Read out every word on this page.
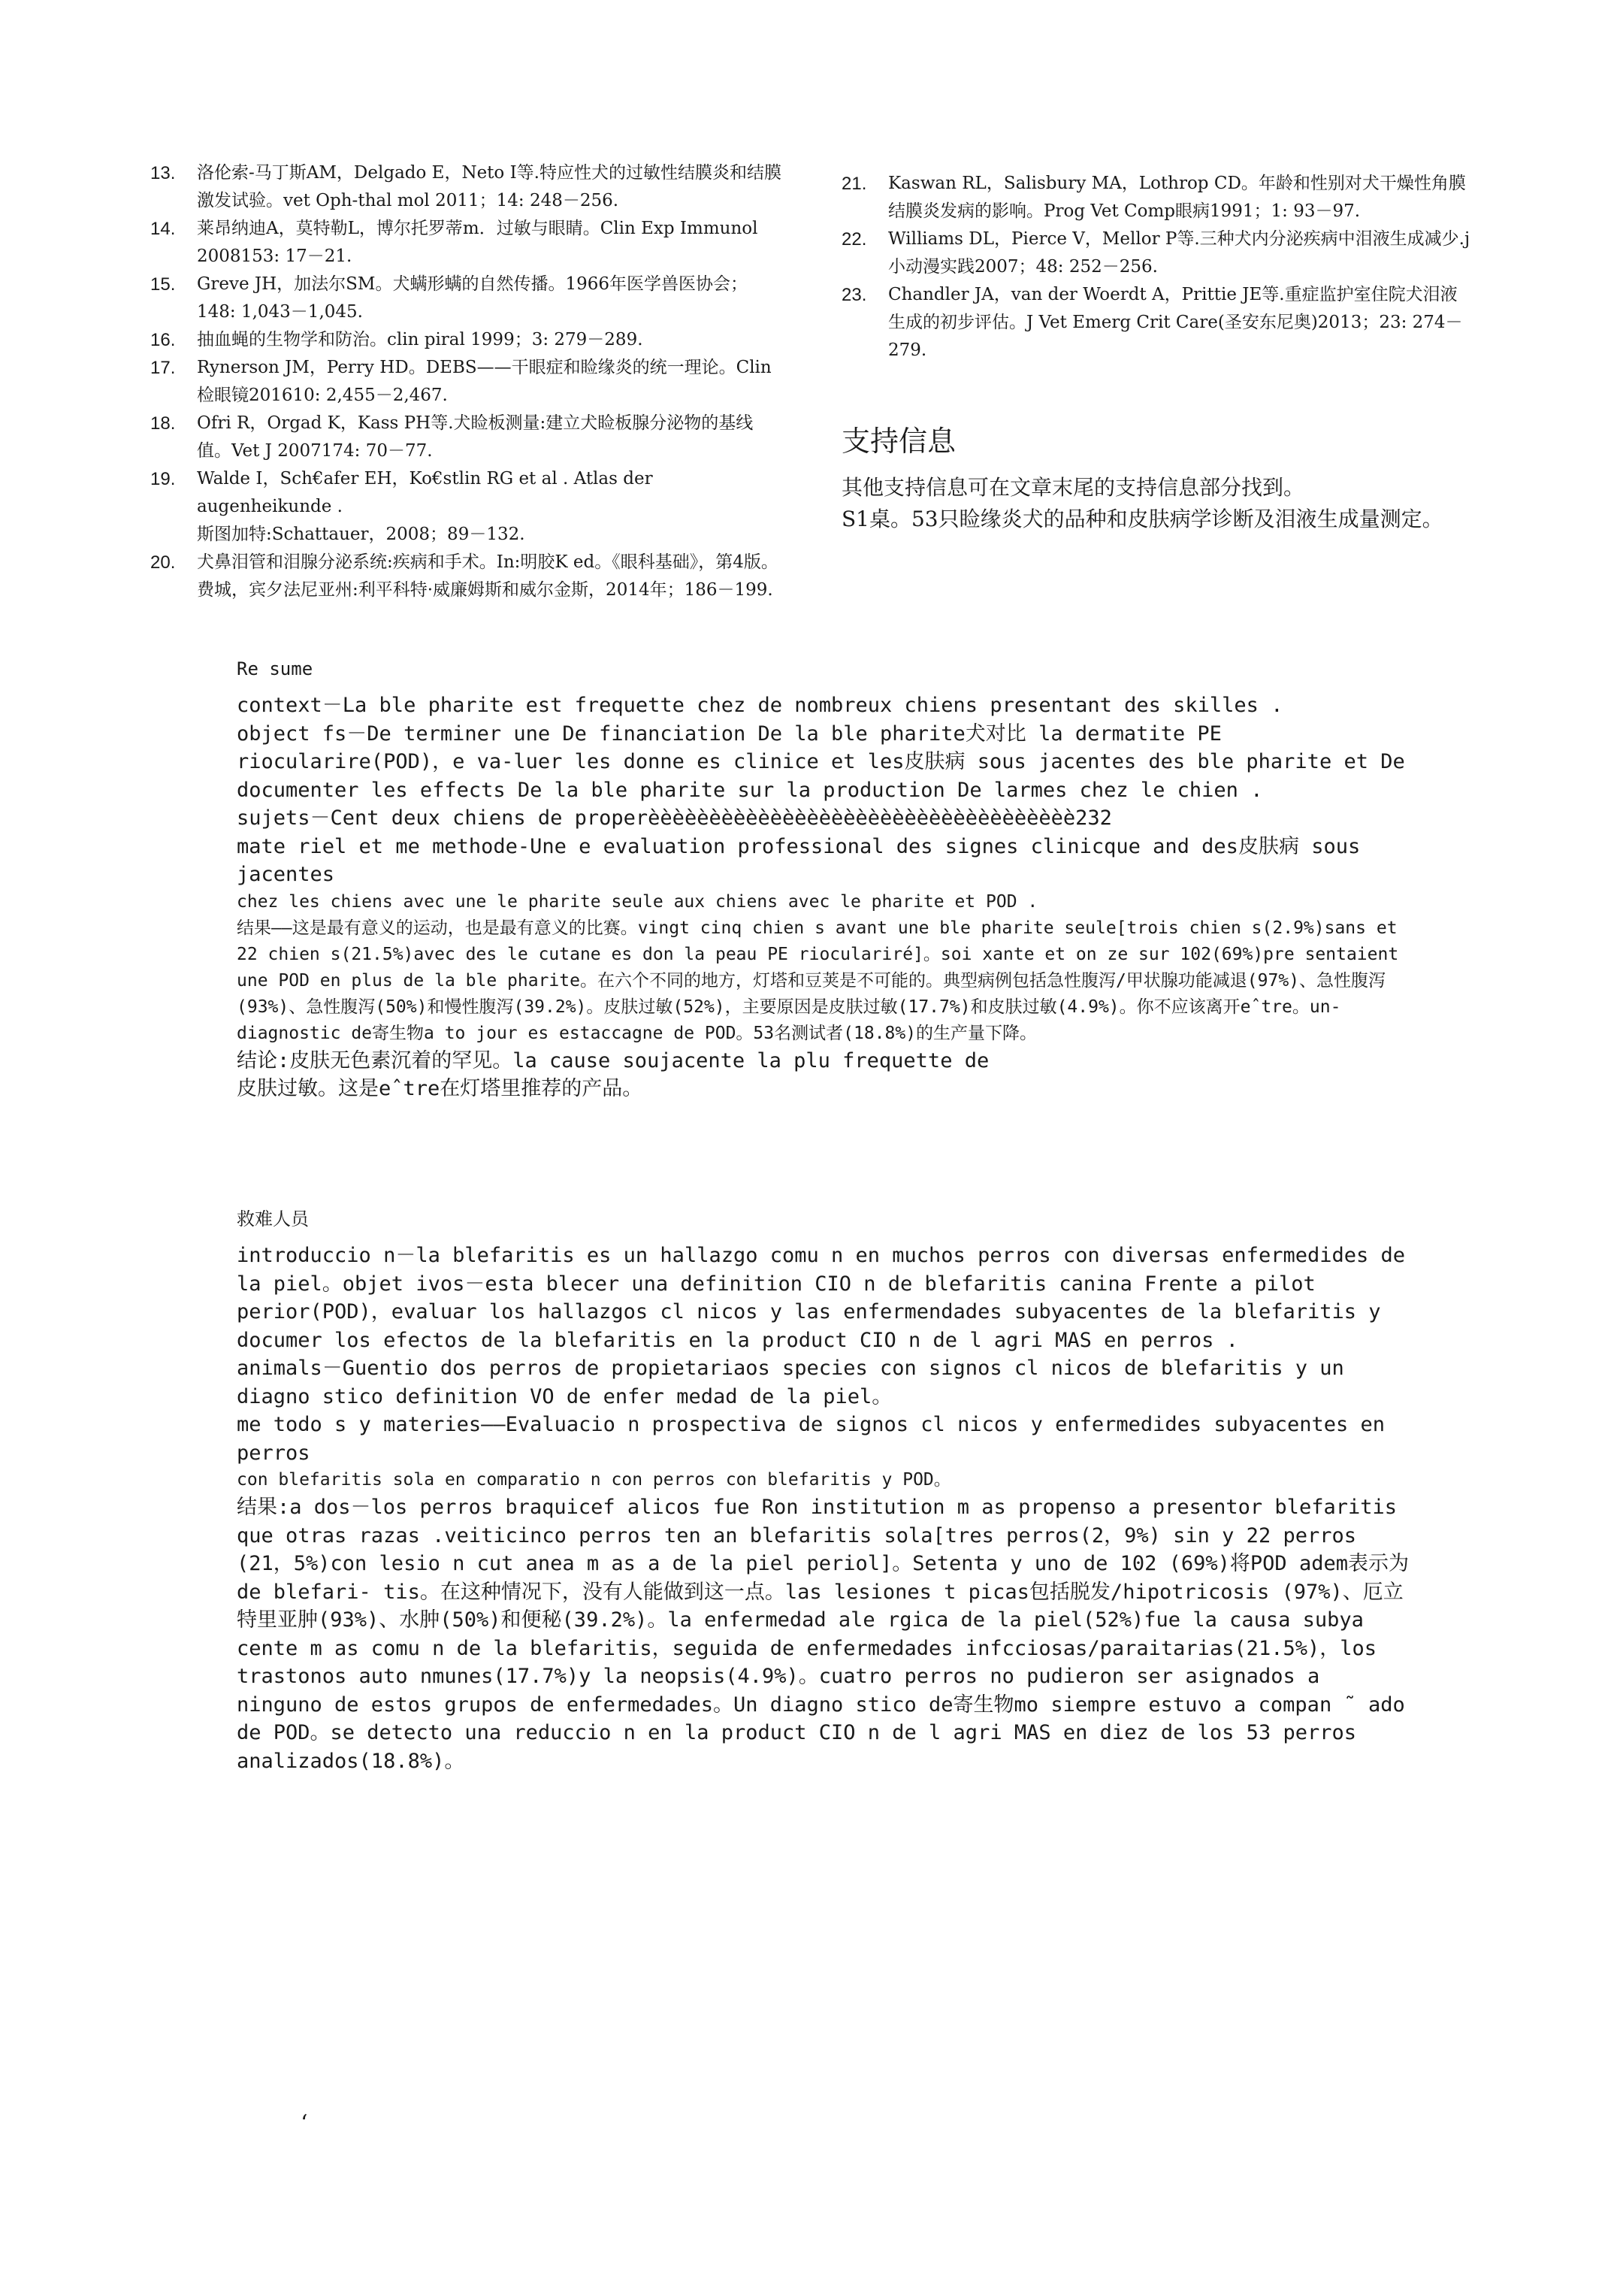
13. 洛伦索-马丁斯AM，Delgado E，Neto I等.特应性犬的过敏性结膜炎和结膜激发试验。vet Oph-thal mol 2011；14: 248－256.
14. 莱昂纳迪A，莫特勒L，博尔托罗蒂m．过敏与眼睛。Clin Exp Immunol 2008153: 17－21.
15. Greve JH，加法尔SM。犬螨形螨的自然传播。1966年医学兽医协会；148: 1,043－1,045.
16. 抽血蝇的生物学和防治。clin piral 1999；3: 279－289.
17. Rynerson JM，Perry HD。DEBS——干眼症和睑缘炎的统一理论。Clin检眼镜201610: 2,455－2,467.
18. Ofri R，Orgad K，Kass PH等.犬睑板测量:建立犬睑板腺分泌物的基线值。Vet J 2007174: 70－77.
19. Walde I，Sch€afer EH，Ko€stlin RG et al . Atlas der augenheikunde .
斯图加特:Schattauer，2008；89－132.
20. 犬鼻泪管和泪腺分泌系统:疾病和手术。In:明胶K ed。《眼科基础》，第4版。费城，宾夕法尼亚州:利平科特·威廉姆斯和威尔金斯，2014年；186－199.
21. Kaswan RL，Salisbury MA，Lothrop CD。年龄和性别对犬干燥性角膜结膜炎发病的影响。Prog Vet Comp眼病1991；1: 93－97.
22. Williams DL，Pierce V，Mellor P等.三种犬内分泌疾病中泪液生成减少.j小动漫实践2007；48: 252－256.
23. Chandler JA，van der Woerdt A，Prittie JE等.重症监护室住院犬泪液生成的初步评估。J Vet Emerg Crit Care(圣安东尼奥)2013；23: 274－279.
支持信息
其他支持信息可在文章末尾的支持信息部分找到。
S1桌。53只睑缘炎犬的品种和皮肤病学诊断及泪液生成量测定。
Re sume
context－La ble pharite est frequette chez de nombreux chiens presentant des skilles .
object fs－De terminer une De financiation De la ble pharite犬对比 la dermatite PE riocularire(POD)，e va-luer les donne es clinice et les皮肤病 sous jacentes des ble pharite et De documenter les effects De la ble pharite sur la production De larmes chez le chien .
sujets－Cent deux chiens de properèèèèèèèèèèèèèèèèèèèèèèèèèèèèèèèèèèè232
mate riel et me methode-Une e evaluation professional des signes clinicque and des皮肤病 sous jacentes
chez les chiens avec une le pharite seule aux chiens avec le pharite et POD .
结果——这是最有意义的运动，也是最有意义的比赛。vingt cinq chien s avant une ble pharite seule[trois chien s(2.9%)sans et 22 chien s(21.5%)avec des le cutane es don la peau PE rioculariré]。soi xante et on ze sur 102(69%)pre sentaient une POD en plus de la ble pharite。在六个不同的地方，灯塔和豆荚是不可能的。典型病例包括急性腹泻/甲状腺功能减退(97%)、急性腹泻(93%)、急性腹泻(50%)和慢性腹泻(39.2%)。皮肤过敏(52%)，主要原因是皮肤过敏(17.7%)和皮肤过敏(4.9%)。你不应该离开eˆtre。un-diagnostic de寄生物a to jour es estaccagne de POD。53名测试者(18.8%)的生产量下降。
结论:皮肤无色素沉着的罕见。la cause soujacente la plu frequette de
皮肤过敏。这是eˆtre在灯塔里推荐的产品。
救难人员
introduccio n－la blefaritis es un hallazgo comu n en muchos perros con diversas enfermedides de la piel。objet ivos－esta blecer una definition CIO n de blefaritis canina Frente a pilot perior(POD)，evaluar los hallazgos cl nicos y las enfermendades subyacentes de la blefaritis y documer los efectos de la blefaritis en la product CIO n de l agri MAS en perros .
animals－Guentio dos perros de propietariaos species con signos cl nicos de blefaritis y un diagno stico definition VO de enfer medad de la piel。
me todo s y materies——Evaluacio n prospectiva de signos cl nicos y enfermedides subyacentes en perros
con blefaritis sola en comparatio n con perros con blefaritis y POD。
结果:a dos－los perros braquicef alicos fue Ron institution m as propenso a presentor blefaritis que otras razas .veiticinco perros ten an blefaritis sola[tres perros(2，9%) sin y 22 perros (21，5%)con lesio n cut anea m as a de la piel periol]。Setenta y uno de 102 (69%)将POD adem表示为de blefari- tis。在这种情况下，没有人能做到这一点。las lesiones t picas包括脱发/hipotricosis (97%)、厄立特里亚肿(93%)、水肿(50%)和便秘(39.2%)。la enfermedad ale rgica de la piel(52%)fue la causa subya cente m as comu n de la blefaritis，seguida de enfermedades infcciosas/paraitarias(21.5%)，los trastonos auto nmunes(17.7%)y la neopsis(4.9%)。cuatro perros no pudieron ser asignados a ninguno de estos grupos de enfermedades。Un diagno stico de寄生物mo siempre estuvo a compan ˜ ado de POD。se detecto una reduccio n en la product CIO n de l agri MAS en diez de los 53 perros analizados(18.8%)。
‘
